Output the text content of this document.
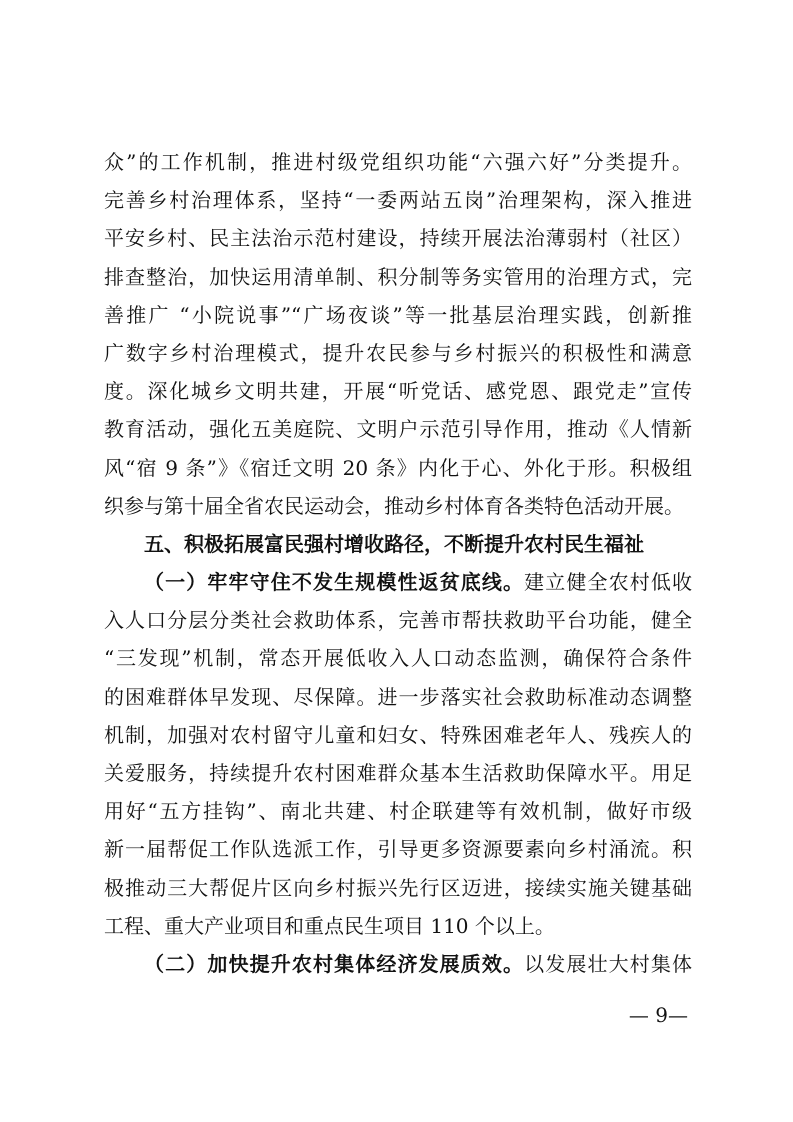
众”的工作机制，推进村级党组织功能“六强六好”分类提升。
完善乡村治理体系，坚持“一委两站五岗”治理架构，深入推进
平安乡村、民主法治示范村建设，持续开展法治薄弱村（社区）
排查整治，加快运用清单制、积分制等务实管用的治理方式，完
善推广 “小院说事”“广场夜谈”等一批基层治理实践，创新推
广数字乡村治理模式，提升农民参与乡村振兴的积极性和满意
度。深化城乡文明共建，开展“听党话、感党恩、跟党走”宣传
教育活动，强化五美庭院、文明户示范引导作用，推动《人情新
风“宿 9 条”》《宿迁文明 20 条》内化于心、外化于形。积极组
织参与第十届全省农民运动会，推动乡村体育各类特色活动开展。
五、积极拓展富民强村增收路径，不断提升农村民生福祉
（一）牢牢守住不发生规模性返贫底线。建立健全农村低收
入人口分层分类社会救助体系，完善市帮扶救助平台功能，健全
“三发现”机制，常态开展低收入人口动态监测，确保符合条件
的困难群体早发现、尽保障。进一步落实社会救助标准动态调整
机制，加强对农村留守儿童和妇女、特殊困难老年人、残疾人的
关爱服务，持续提升农村困难群众基本生活救助保障水平。用足
用好“五方挂钩”、南北共建、村企联建等有效机制，做好市级
新一届帮促工作队选派工作，引导更多资源要素向乡村涌流。积
极推动三大帮促片区向乡村振兴先行区迈进，接续实施关键基础
工程、重大产业项目和重点民生项目 110 个以上。
（二）加快提升农村集体经济发展质效。以发展壮大村集体
— 9—
